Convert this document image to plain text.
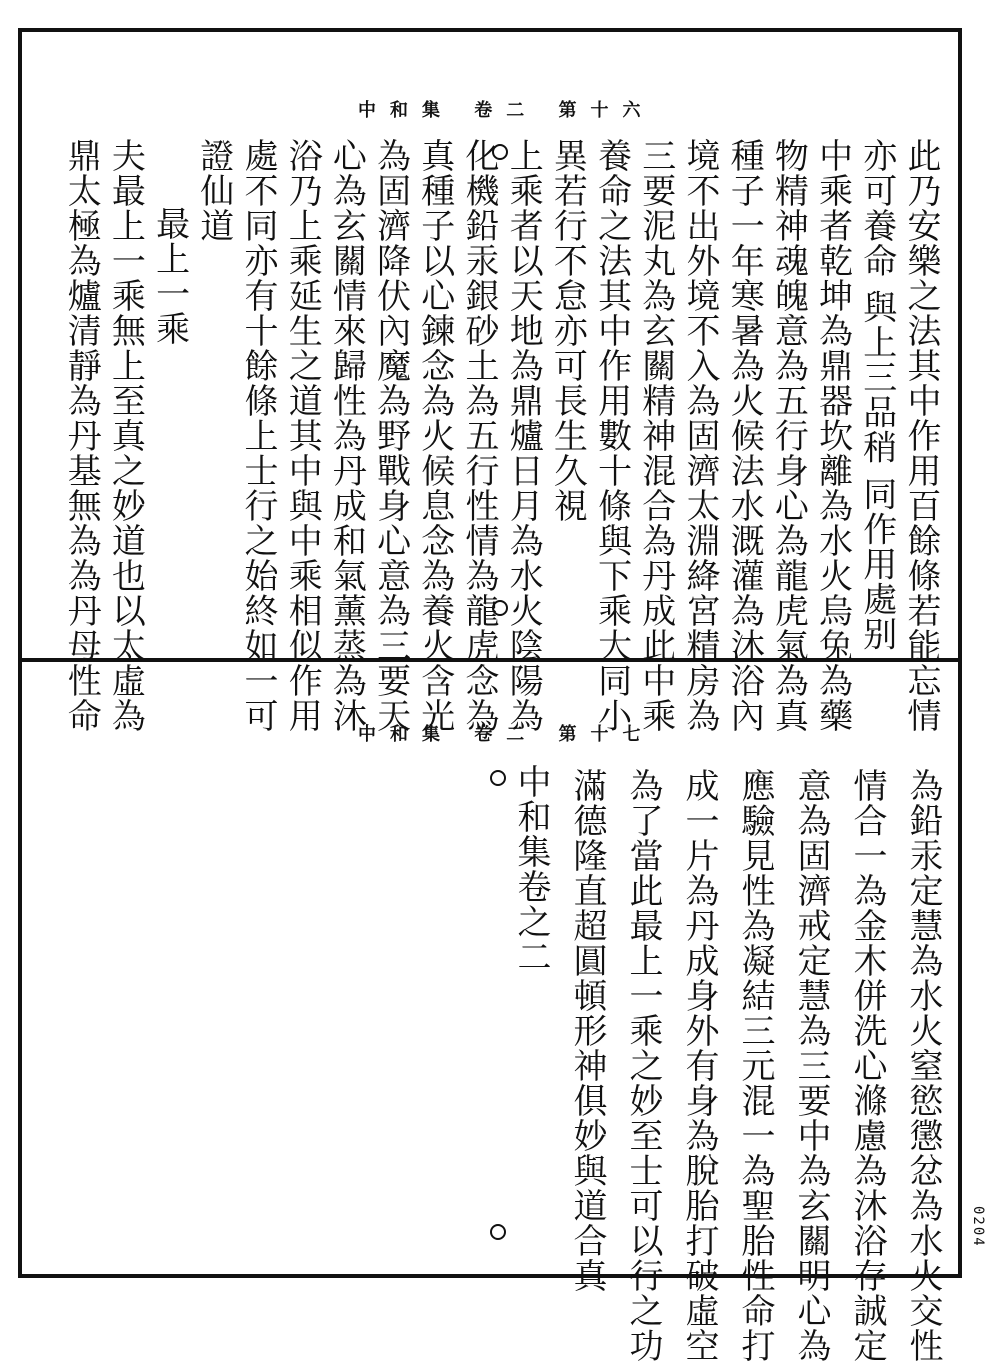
中和集 卷二 第十六
此乃安樂之法其中作用百餘條若能忘情
亦可養命 與上三品稍 同作用處别
中乘者乾坤為鼎器坎離為水火烏兔為藥
物精神魂魄意為五行身心為龍虎氣為真
種子一年寒暑為火候法水溉灌為沐浴內
境不出外境不入為固濟太淵絳宮精房為
三要泥丸為玄關精神混合為丹成此中乘
養命之法其中作用數十條與下乘大同小
異若行不怠亦可長生久視
上乘者以天地為鼎爐日月為水火陰陽為
化機鉛汞銀砂土為五行性情為龍虎念為
真種子以心鍊念為火候息念為養火含光
為固濟降伏內魔為野戰身心意為三要天
心為玄關情來歸性為丹成和氣薰蒸為沐
浴乃上乘延生之道其中與中乘相似作用
處不同亦有十餘條上士行之始終如一可
證仙道
最上一乘
夫最上一乘無上至真之妙道也以太虛為
鼎太極為爐清靜為丹基無為為丹母性命
中和集 卷二 第十七
為鉛汞定慧為水火窒慾懲忿為水火交性
情合一為金木併洗心滌慮為沐浴存誠定
意為固濟戒定慧為三要中為玄關明心為
應驗見性為凝結三元混一為聖胎性命打
成一片為丹成身外有身為脫胎打破虛空
為了當此最上一乘之妙至士可以行之功
滿德隆直超圓頓形神俱妙與道合真
中和集卷之二
0204
